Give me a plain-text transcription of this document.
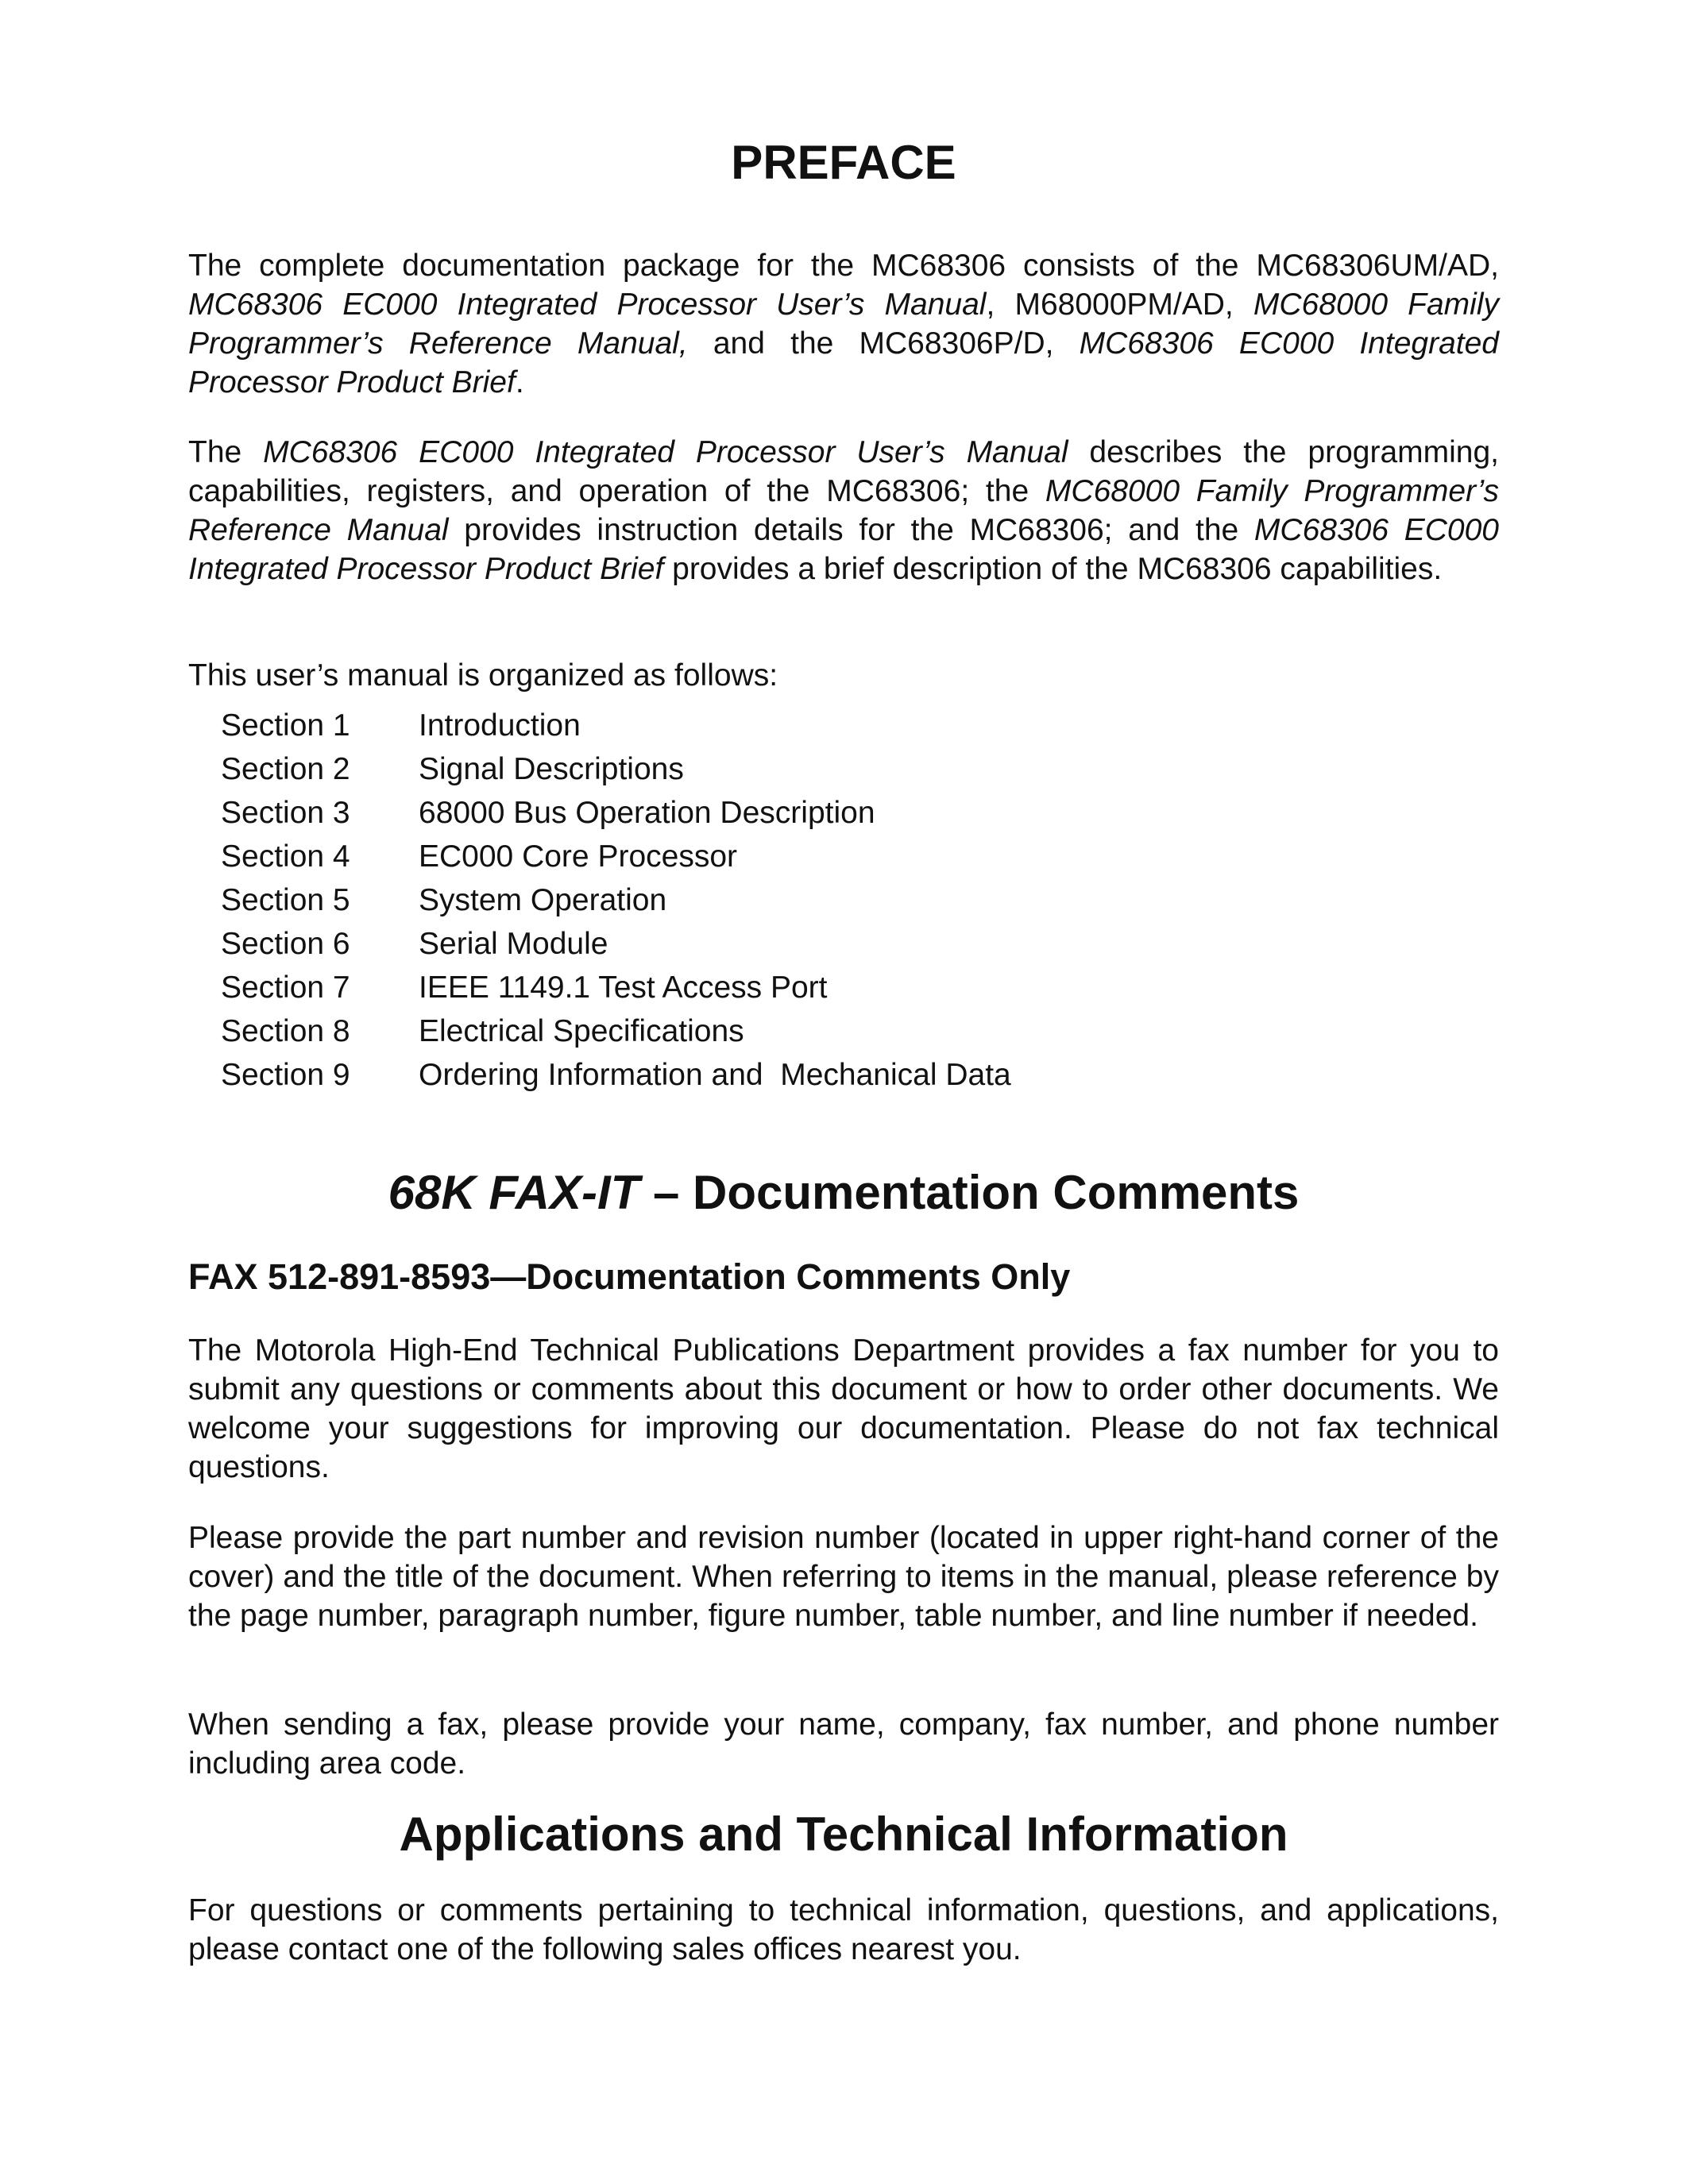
PREFACE

The complete documentation package for the MC68306 consists of the MC68306UM/AD, MC68306 EC000 Integrated Processor User’s Manual, M68000PM/AD, MC68000 Family Programmer’s Reference Manual, and the MC68306P/D, MC68306 EC000 Integrated Processor Product Brief.

The MC68306 EC000 Integrated Processor User’s Manual describes the programming, capabilities, registers, and operation of the MC68306; the MC68000 Family Programmer’s Reference Manual provides instruction details for the MC68306; and the MC68306 EC000 Integrated Processor Product Brief provides a brief description of the MC68306 capabilities.

This user’s manual is organized as follows:

Section 1	Introduction
Section 2	Signal Descriptions
Section 3	68000 Bus Operation Description
Section 4	EC000 Core Processor
Section 5	System Operation
Section 6	Serial Module
Section 7	IEEE 1149.1 Test Access Port
Section 8	Electrical Specifications
Section 9	Ordering Information and  Mechanical Data
68K FAX-IT – Documentation Comments
FAX 512-891-8593—Documentation Comments Only

The Motorola High-End Technical Publications Department provides a fax number for you to submit any questions or comments about this document or how to order other documents. We welcome your suggestions for improving our documentation. Please do not fax technical questions.

Please provide the part number and revision number (located in upper right-hand corner of the cover) and the title of the document. When referring to items in the manual, please reference by the page number, paragraph number, figure number, table number, and line number if needed.

When sending a fax, please provide your name, company, fax number, and phone number including area code.

Applications and Technical Information

For questions or comments pertaining to technical information, questions, and applications, please contact one of the following sales offices nearest you.
